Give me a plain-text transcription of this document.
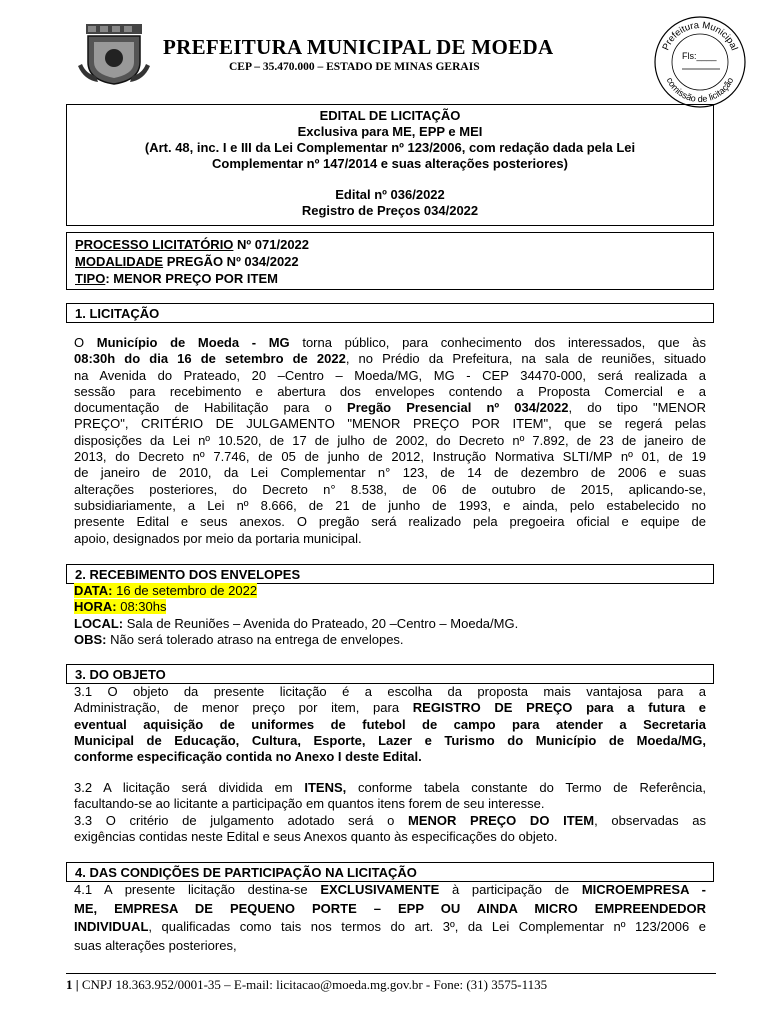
PREFEITURA MUNICIPAL DE MOEDA
CEP – 35.470.000 – ESTADO DE MINAS GERAIS
Prefeitura Municipal
comissão de licitação
Fls:____
EDITAL DE LICITAÇÃO
Exclusiva para ME, EPP e MEI
(Art. 48, inc. I e III da Lei Complementar nº 123/2006, com redação dada pela Lei
Complementar nº 147/2014 e suas alterações posteriores)
Edital nº 036/2022
Registro de Preços 034/2022
PROCESSO LICITATÓRIO Nº 071/2022
MODALIDADE PREGÃO Nº 034/2022
TIPO: MENOR PREÇO POR ITEM
1. LICITAÇÃO
O Município de Moeda - MG torna público, para conhecimento dos interessados, que às
08:30h do dia 16 de setembro de 2022, no Prédio da Prefeitura, na sala de reuniões, situado
na Avenida do Prateado, 20 –Centro – Moeda/MG, MG - CEP 34470-000, será realizada a
sessão para recebimento e abertura dos envelopes contendo a Proposta Comercial e a
documentação de Habilitação para o Pregão Presencial nº 034/2022, do tipo "MENOR
PREÇO", CRITÉRIO DE JULGAMENTO "MENOR PREÇO POR ITEM", que se regerá pelas
disposições da Lei nº 10.520, de 17 de julho de 2002, do Decreto nº 7.892, de 23 de janeiro de
2013, do Decreto nº 7.746, de 05 de junho de 2012, Instrução Normativa SLTI/MP nº 01, de 19
de janeiro de 2010, da Lei Complementar n° 123, de 14 de dezembro de 2006 e suas
alterações posteriores, do Decreto n° 8.538, de 06 de outubro de 2015, aplicando-se,
subsidiariamente, a Lei nº 8.666, de 21 de junho de 1993, e ainda, pelo estabelecido no
presente Edital e seus anexos. O pregão será realizado pela pregoeira oficial e equipe de
apoio, designados por meio da portaria municipal.
2. RECEBIMENTO DOS ENVELOPES
DATA: 16 de setembro de 2022
HORA: 08:30hs
LOCAL: Sala de Reuniões – Avenida do Prateado, 20 –Centro – Moeda/MG.
OBS: Não será tolerado atraso na entrega de envelopes.
3. DO OBJETO
3.1 O objeto da presente licitação é a escolha da proposta mais vantajosa para a
Administração, de menor preço por item, para REGISTRO DE PREÇO para a futura e
eventual aquisição de uniformes de futebol de campo para atender a Secretaria
Municipal de Educação, Cultura, Esporte, Lazer e Turismo do Município de Moeda/MG,
conforme especificação contida no Anexo I deste Edital.
3.2 A licitação será dividida em ITENS, conforme tabela constante do Termo de Referência,
facultando-se ao licitante a participação em quantos itens forem de seu interesse.
3.3 O critério de julgamento adotado será o MENOR PREÇO DO ITEM, observadas as
exigências contidas neste Edital e seus Anexos quanto às especificações do objeto.
4. DAS CONDIÇÕES DE PARTICIPAÇÃO NA LICITAÇÃO
4.1 A presente licitação destina-se EXCLUSIVAMENTE à participação de MICROEMPRESA -
ME, EMPRESA DE PEQUENO PORTE – EPP OU AINDA MICRO EMPREENDEDOR
INDIVIDUAL, qualificadas como tais nos termos do art. 3º, da Lei Complementar nº 123/2006 e
suas alterações posteriores,
1 | CNPJ 18.363.952/0001-35 – E-mail: licitacao@moeda.mg.gov.br - Fone: (31) 3575-1135
